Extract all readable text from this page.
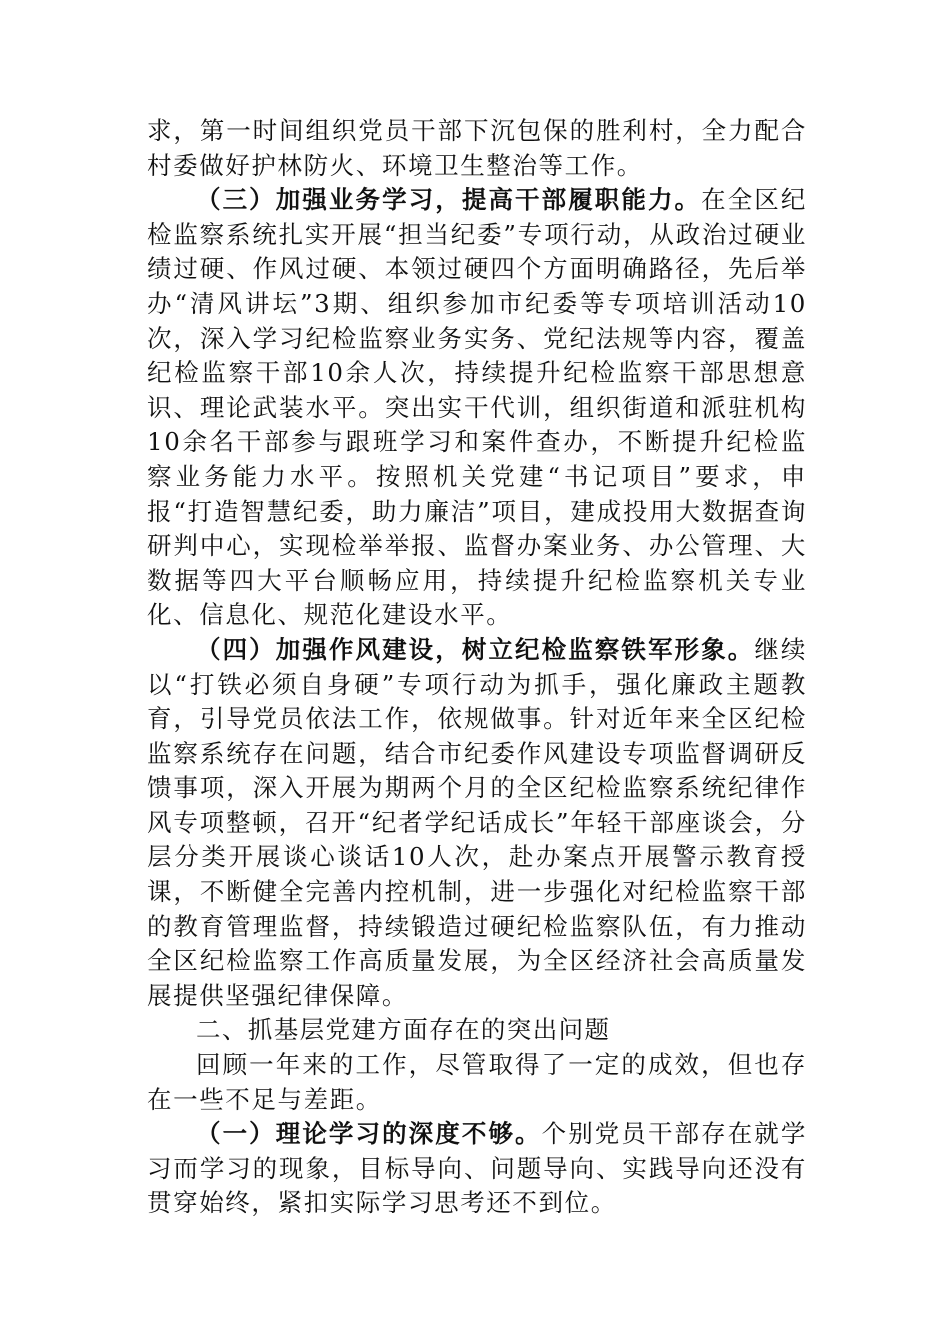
求，第一时间组织党员干部下沉包保的胜利村，全力配合村委做好护林防火、环境卫生整治等工作。

（三）加强业务学习，提高干部履职能力。在全区纪检监察系统扎实开展“担当纪委”专项行动，从政治过硬业绩过硬、作风过硬、本领过硬四个方面明确路径，先后举办“清风讲坛”3期、组织参加市纪委等专项培训活动10次，深入学习纪检监察业务实务、党纪法规等内容，覆盖纪检监察干部10余人次，持续提升纪检监察干部思想意识、理论武装水平。突出实干代训，组织街道和派驻机构10余名干部参与跟班学习和案件查办，不断提升纪检监察业务能力水平。按照机关党建“书记项目”要求，申报“打造智慧纪委，助力廉洁”项目，建成投用大数据查询研判中心，实现检举举报、监督办案业务、办公管理、大数据等四大平台顺畅应用，持续提升纪检监察机关专业化、信息化、规范化建设水平。

（四）加强作风建设，树立纪检监察铁军形象。继续以“打铁必须自身硬”专项行动为抓手，强化廉政主题教育，引导党员依法工作，依规做事。针对近年来全区纪检监察系统存在问题，结合市纪委作风建设专项监督调研反馈事项，深入开展为期两个月的全区纪检监察系统纪律作风专项整顿，召开“纪者学纪话成长”年轻干部座谈会，分层分类开展谈心谈话10人次，赴办案点开展警示教育授课，不断健全完善内控机制，进一步强化对纪检监察干部的教育管理监督，持续锻造过硬纪检监察队伍，有力推动全区纪检监察工作高质量发展，为全区经济社会高质量发展提供坚强纪律保障。

二、抓基层党建方面存在的突出问题

回顾一年来的工作，尽管取得了一定的成效，但也存在一些不足与差距。

（一）理论学习的深度不够。个别党员干部存在就学习而学习的现象，目标导向、问题导向、实践导向还没有贯穿始终，紧扣实际学习思考还不到位。
